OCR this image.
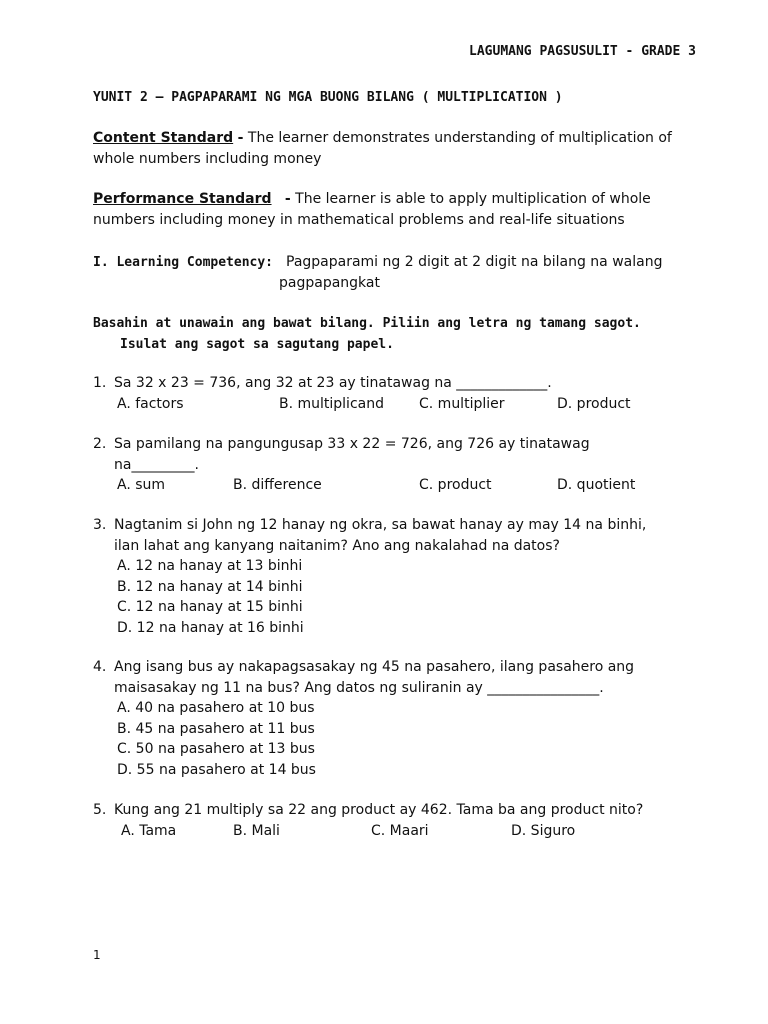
LAGUMANG PAGSUSULIT - GRADE 3
YUNIT 2 – PAGPAPARAMI NG MGA BUONG BILANG ( MULTIPLICATION )
Content Standard - The learner demonstrates understanding of multiplication of whole numbers including money
Performance Standard - The learner is able to apply multiplication of whole numbers including money in mathematical problems and real-life situations
I. Learning Competency: Pagpaparami ng 2 digit at 2 digit na bilang na walang
pagpapangkat
Basahin at unawain ang bawat bilang. Piliin ang letra ng tamang sagot.
Isulat ang sagot sa sagutang papel.
1. Sa 32 x 23 = 736, ang 32 at 23 ay tinatawag na _____________.
A. factors	B. multiplicand	C. multiplier	D. product
2. Sa pamilang na pangungusap 33 x 22 = 726, ang 726 ay tinatawag
na_________.
A. sum	B. difference	C. product	D. quotient
3. Nagtanim si John ng 12 hanay ng okra, sa bawat hanay ay may 14 na binhi,
ilan lahat ang kanyang naitanim? Ano ang nakalahad na datos?
A. 12 na hanay at 13 binhi
B. 12 na hanay at 14 binhi
C. 12 na hanay at 15 binhi
D. 12 na hanay at 16 binhi
4. Ang isang bus ay nakapagsasakay ng 45 na pasahero, ilang pasahero ang
maisasakay ng 11 na bus? Ang datos ng suliranin ay ________________.
A. 40 na pasahero at 10 bus
B. 45 na pasahero at 11 bus
C. 50 na pasahero at 13 bus
D. 55 na pasahero at 14 bus
5. Kung ang 21 multiply sa 22 ang product ay 462. Tama ba ang product nito?
A. Tama	B. Mali	C. Maari	D. Siguro
1
